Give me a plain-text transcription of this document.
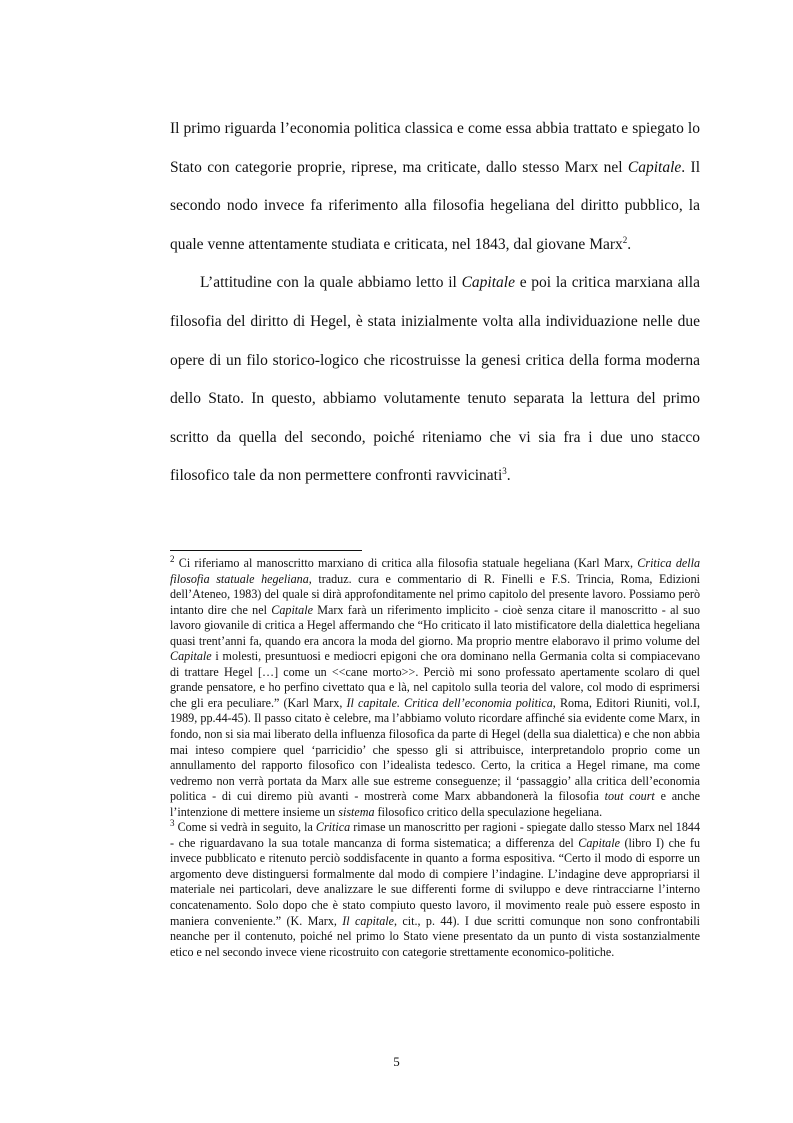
Il primo riguarda l’economia politica classica e come essa abbia trattato e spiegato lo Stato con categorie proprie, riprese, ma criticate, dallo stesso Marx nel Capitale. Il secondo nodo invece fa riferimento alla filosofia hegeliana del diritto pubblico, la quale venne attentamente studiata e criticata, nel 1843, dal giovane Marx$^2$.

L’attitudine con la quale abbiamo letto il Capitale e poi la critica marxiana alla filosofia del diritto di Hegel, è stata inizialmente volta alla individuazione nelle due opere di un filo storico-logico che ricostruisse la genesi critica della forma moderna dello Stato. In questo, abbiamo volutamente tenuto separata la lettura del primo scritto da quella del secondo, poiché riteniamo che vi sia fra i due uno stacco filosofico tale da non permettere confronti ravvicinati$^3$.

$^2$ Ci riferiamo al manoscritto marxiano di critica alla filosofia statuale hegeliana (Karl Marx, Critica della filosofia statuale hegeliana, traduz. cura e commentario di R. Finelli e F.S. Trincia, Roma, Edizioni dell’Ateneo, 1983) del quale si dirà approfonditamente nel primo capitolo del presente lavoro. Possiamo però intanto dire che nel Capitale Marx farà un riferimento implicito - cioè senza citare il manoscritto - al suo lavoro giovanile di critica a Hegel affermando che “Ho criticato il lato mistificatore della dialettica hegeliana quasi trent’anni fa, quando era ancora la moda del giorno. Ma proprio mentre elaboravo il primo volume del Capitale i molesti, presuntuosi e mediocri epigoni che ora dominano nella Germania colta si compiacevano di trattare Hegel […] come un <<cane morto>>. Perciò mi sono professato apertamente scolaro di quel grande pensatore, e ho perfino civettato qua e là, nel capitolo sulla teoria del valore, col modo di esprimersi che gli era peculiare.” (Karl Marx, Il capitale. Critica dell’economia politica, Roma, Editori Riuniti, vol.I, 1989, pp.44-45). Il passo citato è celebre, ma l’abbiamo voluto ricordare affinché sia evidente come Marx, in fondo, non si sia mai liberato della influenza filosofica da parte di Hegel (della sua dialettica) e che non abbia mai inteso compiere quel ‘parricidio’ che spesso gli si attribuisce, interpretandolo proprio come un annullamento del rapporto filosofico con l’idealista tedesco. Certo, la critica a Hegel rimane, ma come vedremo non verrà portata da Marx alle sue estreme conseguenze; il ‘passaggio’ alla critica dell’economia politica - di cui diremo più avanti - mostrerà come Marx abbandonerà la filosofia tout court e anche l’intenzione di mettere insieme un sistema filosofico critico della speculazione hegeliana.

$^3$ Come si vedrà in seguito, la Critica rimase un manoscritto per ragioni - spiegate dallo stesso Marx nel 1844 - che riguardavano la sua totale mancanza di forma sistematica; a differenza del Capitale (libro I) che fu invece pubblicato e ritenuto perciò soddisfacente in quanto a forma espositiva. “Certo il modo di esporre un argomento deve distinguersi formalmente dal modo di compiere l’indagine. L’indagine deve appropriarsi il materiale nei particolari, deve analizzare le sue differenti forme di sviluppo e deve rintracciarne l’interno concatenamento. Solo dopo che è stato compiuto questo lavoro, il movimento reale può essere esposto in maniera conveniente.” (K. Marx, Il capitale, cit., p. 44). I due scritti comunque non sono confrontabili neanche per il contenuto, poiché nel primo lo Stato viene presentato da un punto di vista sostanzialmente etico e nel secondo invece viene ricostruito con categorie strettamente economico-politiche.

5
